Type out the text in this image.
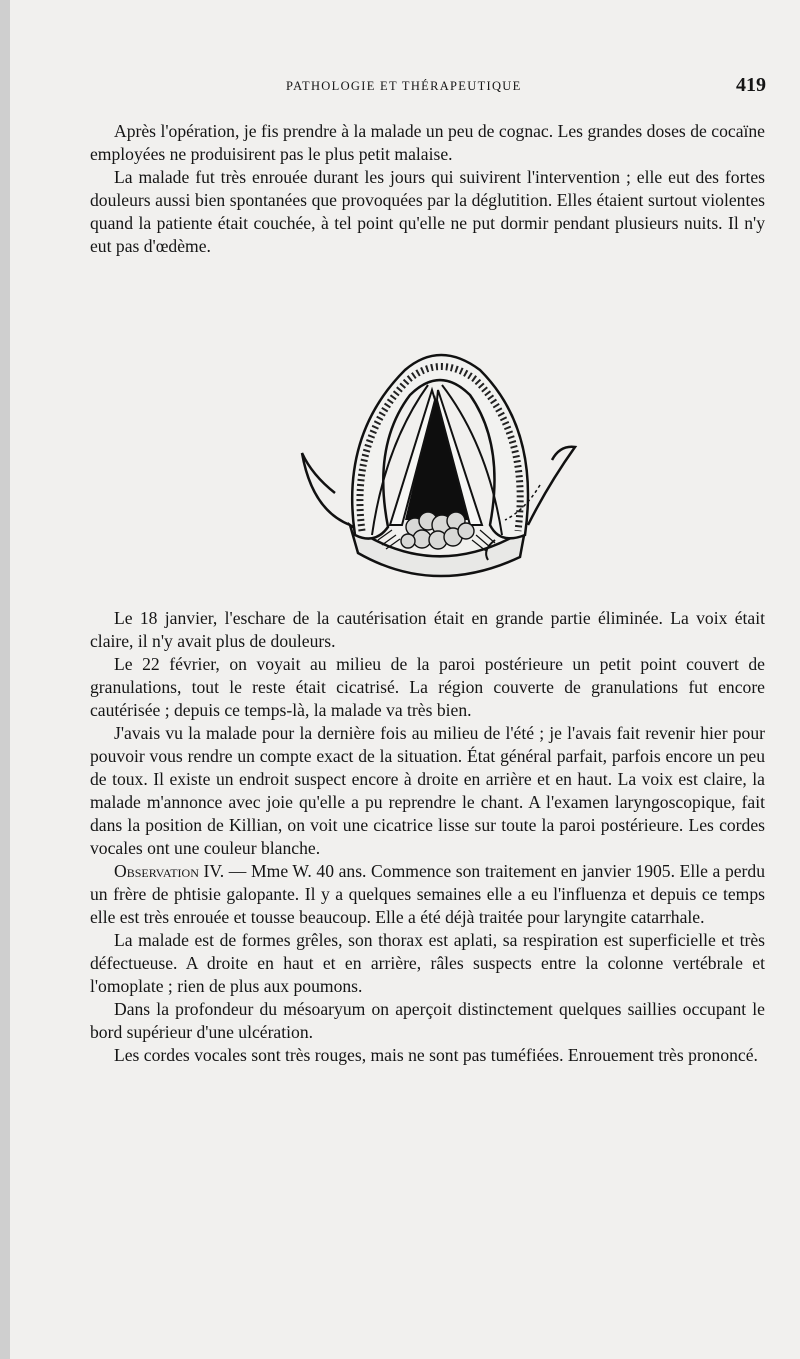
PATHOLOGIE ET THÉRAPEUTIQUE	419

Après l'opération, je fis prendre à la malade un peu de cognac. Les grandes doses de cocaïne employées ne produisirent pas le plus petit malaise.

La malade fut très enrouée durant les jours qui suivirent l'intervention ; elle eut des fortes douleurs aussi bien spontanées que provoquées par la déglutition. Elles étaient surtout violentes quand la patiente était couchée, à tel point qu'elle ne put dormir pendant plusieurs nuits. Il n'y eut pas d'œdème.

Le 18 janvier, l'eschare de la cautérisation était en grande partie éliminée. La voix était claire, il n'y avait plus de douleurs.

Le 22 février, on voyait au milieu de la paroi postérieure un petit point couvert de granulations, tout le reste était cicatrisé. La région couverte de granulations fut encore cautérisée ; depuis ce temps-là, la malade va très bien.

J'avais vu la malade pour la dernière fois au milieu de l'été ; je l'avais fait revenir hier pour pouvoir vous rendre un compte exact de la situation. État général parfait, parfois encore un peu de toux. Il existe un endroit suspect encore à droite en arrière et en haut. La voix est claire, la malade m'annonce avec joie qu'elle a pu reprendre le chant. A l'examen laryngoscopique, fait dans la position de Killian, on voit une cicatrice lisse sur toute la paroi postérieure. Les cordes vocales ont une couleur blanche.

Observation IV. — Mme W. 40 ans. Commence son traitement en janvier 1905. Elle a perdu un frère de phtisie galopante. Il y a quelques semaines elle a eu l'influenza et depuis ce temps elle est très enrouée et tousse beaucoup. Elle a été déjà traitée pour laryngite catarrhale.

La malade est de formes grêles, son thorax est aplati, sa respiration est superficielle et très défectueuse. A droite en haut et en arrière, râles suspects entre la colonne vertébrale et l'omoplate ; rien de plus aux poumons.

Dans la profondeur du mésoaryum on aperçoit distinctement quelques saillies occupant le bord supérieur d'une ulcération.

Les cordes vocales sont très rouges, mais ne sont pas tuméfiées. Enrouement très prononcé.
